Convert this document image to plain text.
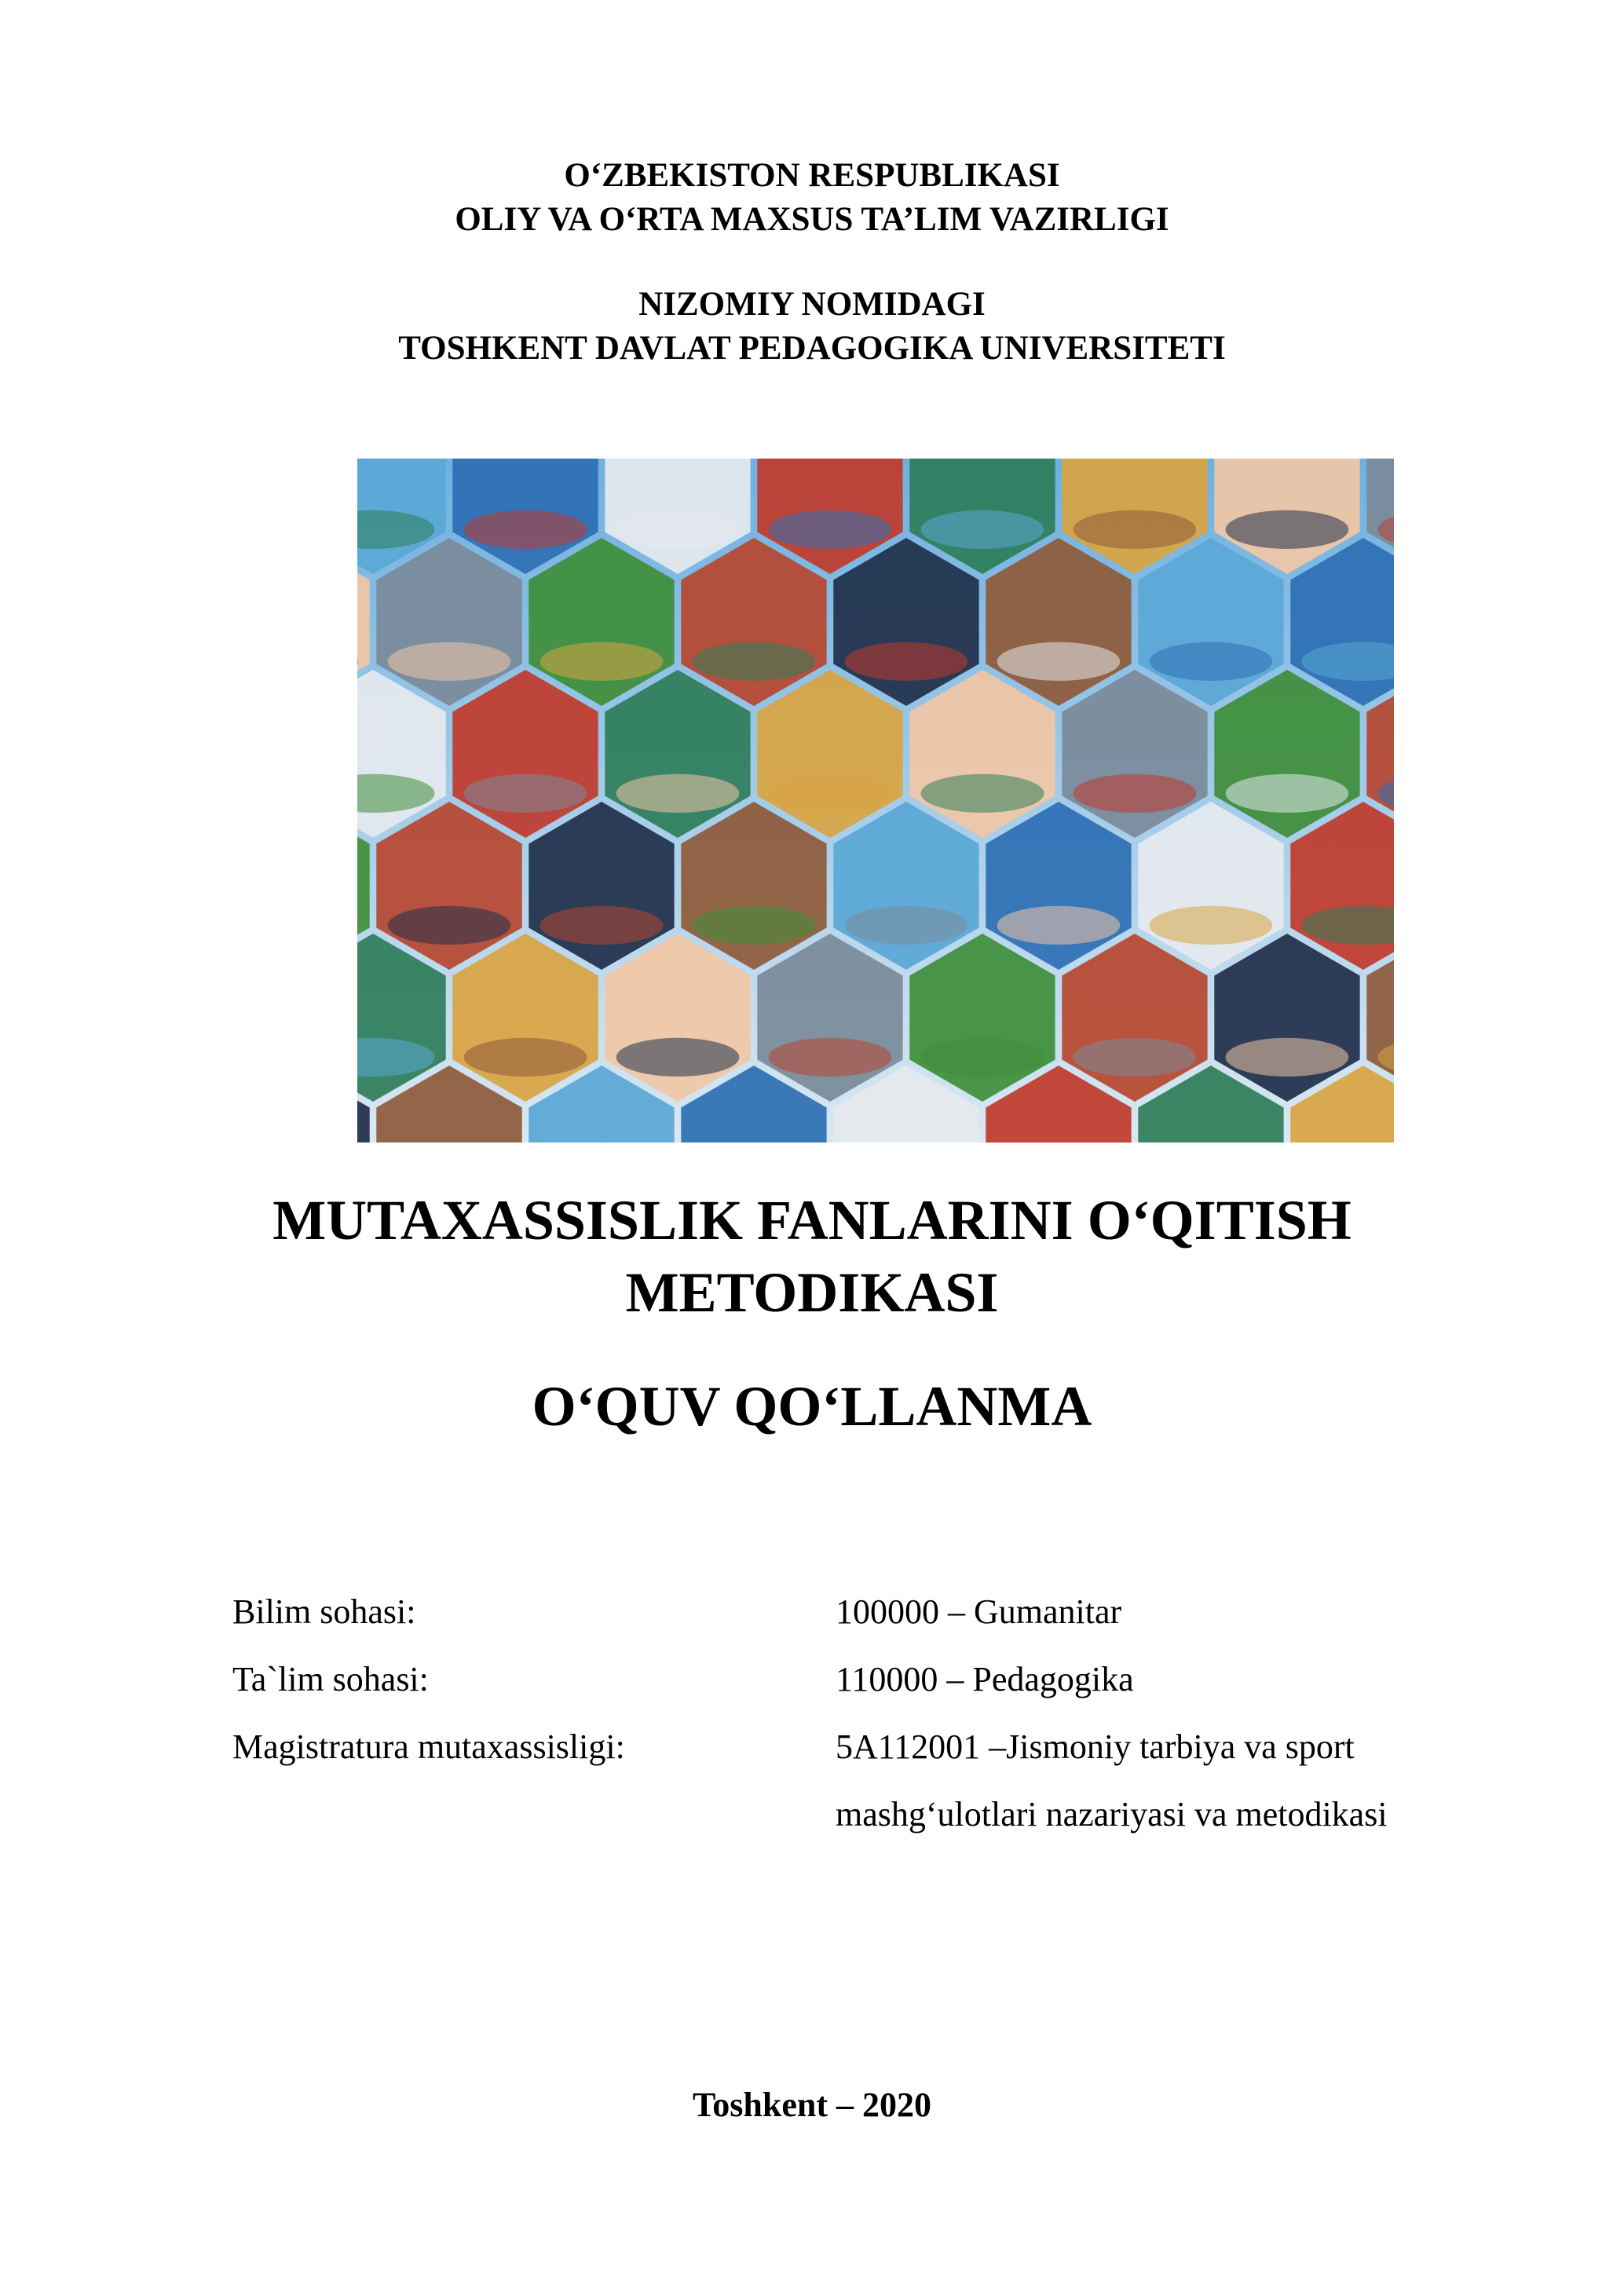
O‘ZBEKISTON RESPUBLIKASI
OLIY VA O‘RTA MAXSUS TA’LIM VAZIRLIGI
NIZOMIY NOMIDAGI
TOSHKENT DAVLAT PEDAGOGIKA UNIVERSITETI
MUTAXASSISLIK FANLARINI O‘QITISH
METODIKASI
O‘QUV QO‘LLANMA
Bilim sohasi:	100000 – Gumanitar
Ta`lim sohasi:	110000 – Pedagogika
Magistratura mutaxassisligi:	5A112001 –Jismoniy tarbiya va sport
mashg‘ulotlari nazariyasi va metodikasi
Toshkent – 2020
